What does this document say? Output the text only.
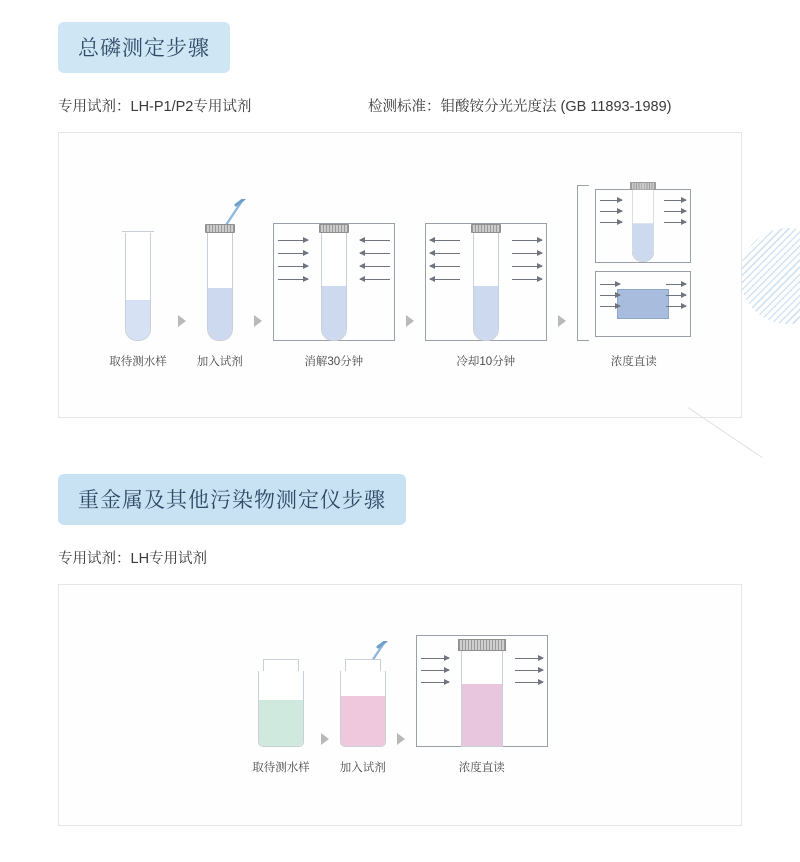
总磷测定步骤
专用试剂：LH-P1/P2专用试剂	检测标准：钼酸铵分光光度法 (GB 11893-1989)
取待测水样	加入试剂	消解30分钟	冷却10分钟	浓度直读
重金属及其他污染物测定仪步骤
专用试剂：LH专用试剂
取待测水样	加入试剂	浓度直读
